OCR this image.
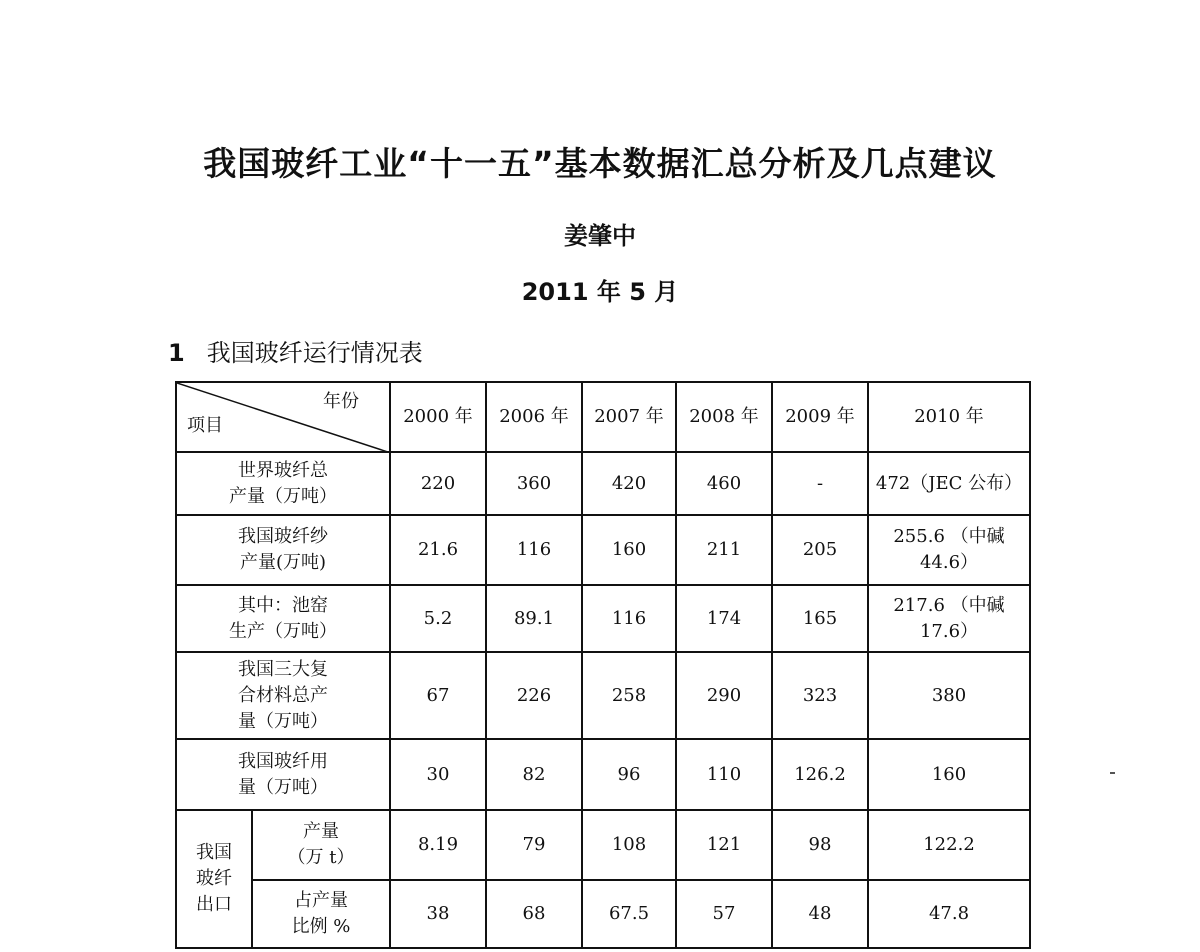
我国玻纤工业“十一五”基本数据汇总分析及几点建议
姜肇中
2011 年 5 月
1 我国玻纤运行情况表
年份
项目		2000 年	2006 年	2007 年	2008 年	2009 年	2010 年

世界玻纤总
产量（万吨）		220	360	420	460	-	472（JEC 公布）

我国玻纤纱
产量(万吨)		21.6	116	160	211	205	255.6 （中碱 44.6）

其中：池窑
生产（万吨）		5.2	89.1	116	174	165	217.6 （中碱 17.6）

我国三大复
合材料总产
量（万吨）		67	226	258	290	323	380

我国玻纤用
量（万吨）		30	82	96	110	126.2	160

我国
玻纤
出口	产量
（万 t）	8.19	79	108	121	98	122.2

	占产量
比例 %	38	68	67.5	57	48	47.8
